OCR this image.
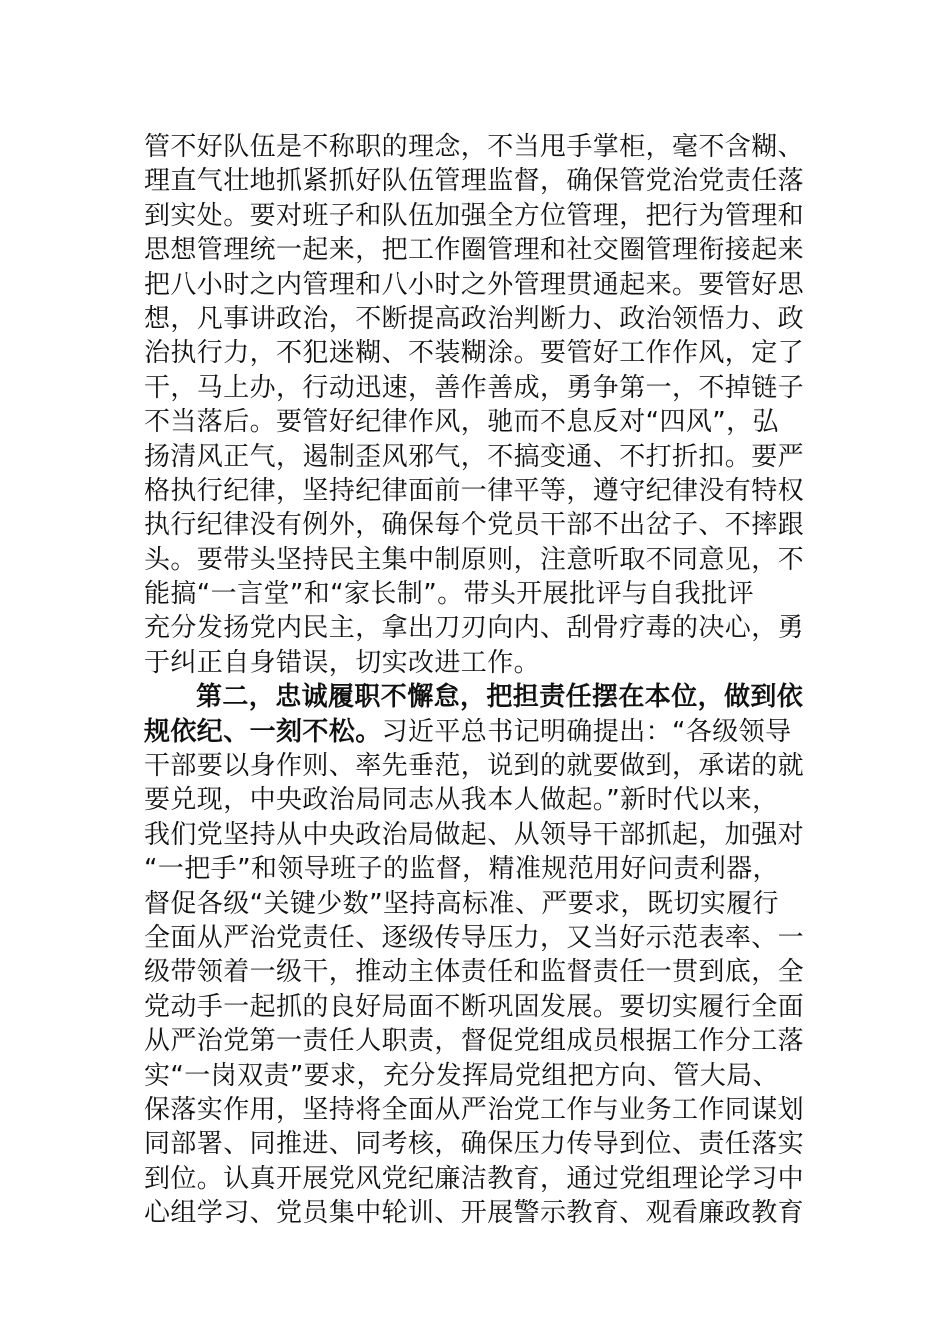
管不好队伍是不称职的理念，不当甩手掌柜，毫不含糊、
理直气壮地抓紧抓好队伍管理监督，确保管党治党责任落
到实处。要对班子和队伍加强全方位管理，把行为管理和
思想管理统一起来，把工作圈管理和社交圈管理衔接起来
把八小时之内管理和八小时之外管理贯通起来。要管好思
想，凡事讲政治，不断提高政治判断力、政治领悟力、政
治执行力，不犯迷糊、不装糊涂。要管好工作作风，定了
干，马上办，行动迅速，善作善成，勇争第一，不掉链子
不当落后。要管好纪律作风，驰而不息反对“四风”，弘
扬清风正气，遏制歪风邪气，不搞变通、不打折扣。要严
格执行纪律，坚持纪律面前一律平等，遵守纪律没有特权
执行纪律没有例外，确保每个党员干部不出岔子、不摔跟
头。要带头坚持民主集中制原则，注意听取不同意见，不
能搞“一言堂”和“家长制”。带头开展批评与自我批评
充分发扬党内民主，拿出刀刃向内、刮骨疗毒的决心，勇
于纠正自身错误，切实改进工作。
第二，忠诚履职不懈怠，把担责任摆在本位，做到依
规依纪、一刻不松。习近平总书记明确提出：“各级领导
干部要以身作则、率先垂范，说到的就要做到，承诺的就
要兑现，中央政治局同志从我本人做起。”新时代以来，
我们党坚持从中央政治局做起、从领导干部抓起，加强对
“一把手”和领导班子的监督，精准规范用好问责利器，
督促各级“关键少数”坚持高标准、严要求，既切实履行
全面从严治党责任、逐级传导压力，又当好示范表率、一
级带领着一级干，推动主体责任和监督责任一贯到底，全
党动手一起抓的良好局面不断巩固发展。要切实履行全面
从严治党第一责任人职责，督促党组成员根据工作分工落
实“一岗双责”要求，充分发挥局党组把方向、管大局、
保落实作用，坚持将全面从严治党工作与业务工作同谋划
同部署、同推进、同考核，确保压力传导到位、责任落实
到位。认真开展党风党纪廉洁教育，通过党组理论学习中
心组学习、党员集中轮训、开展警示教育、观看廉政教育
